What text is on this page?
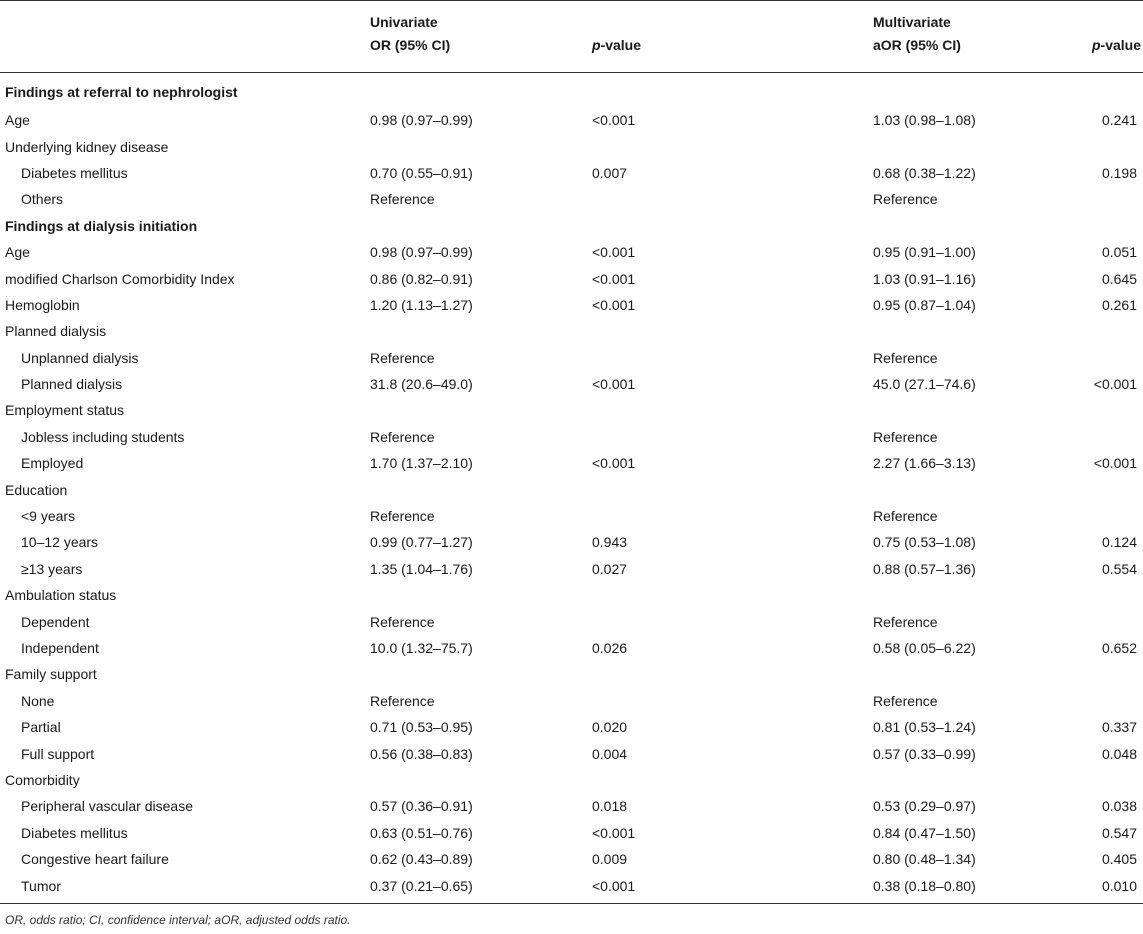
	Univariate		Multivariate	
	OR (95% CI)	p-value	aOR (95% CI)	p-value
Findings at referral to nephrologist				
Age	0.98 (0.97–0.99)	<0.001	1.03 (0.98–1.08)	0.241
Underlying kidney disease				
Diabetes mellitus	0.70 (0.55–0.91)	0.007	0.68 (0.38–1.22)	0.198
Others	Reference		Reference	
Findings at dialysis initiation				
Age	0.98 (0.97–0.99)	<0.001	0.95 (0.91–1.00)	0.051
modified Charlson Comorbidity Index	0.86 (0.82–0.91)	<0.001	1.03 (0.91–1.16)	0.645
Hemoglobin	1.20 (1.13–1.27)	<0.001	0.95 (0.87–1.04)	0.261
Planned dialysis				
Unplanned dialysis	Reference		Reference	
Planned dialysis	31.8 (20.6–49.0)	<0.001	45.0 (27.1–74.6)	<0.001
Employment status				
Jobless including students	Reference		Reference	
Employed	1.70 (1.37–2.10)	<0.001	2.27 (1.66–3.13)	<0.001
Education				
<9 years	Reference		Reference	
10–12 years	0.99 (0.77–1.27)	0.943	0.75 (0.53–1.08)	0.124
≥13 years	1.35 (1.04–1.76)	0.027	0.88 (0.57–1.36)	0.554
Ambulation status				
Dependent	Reference		Reference	
Independent	10.0 (1.32–75.7)	0.026	0.58 (0.05–6.22)	0.652
Family support				
None	Reference		Reference	
Partial	0.71 (0.53–0.95)	0.020	0.81 (0.53–1.24)	0.337
Full support	0.56 (0.38–0.83)	0.004	0.57 (0.33–0.99)	0.048
Comorbidity				
Peripheral vascular disease	0.57 (0.36–0.91)	0.018	0.53 (0.29–0.97)	0.038
Diabetes mellitus	0.63 (0.51–0.76)	<0.001	0.84 (0.47–1.50)	0.547
Congestive heart failure	0.62 (0.43–0.89)	0.009	0.80 (0.48–1.34)	0.405
Tumor	0.37 (0.21–0.65)	<0.001	0.38 (0.18–0.80)	0.010
OR, odds ratio; CI, confidence interval; aOR, adjusted odds ratio.
